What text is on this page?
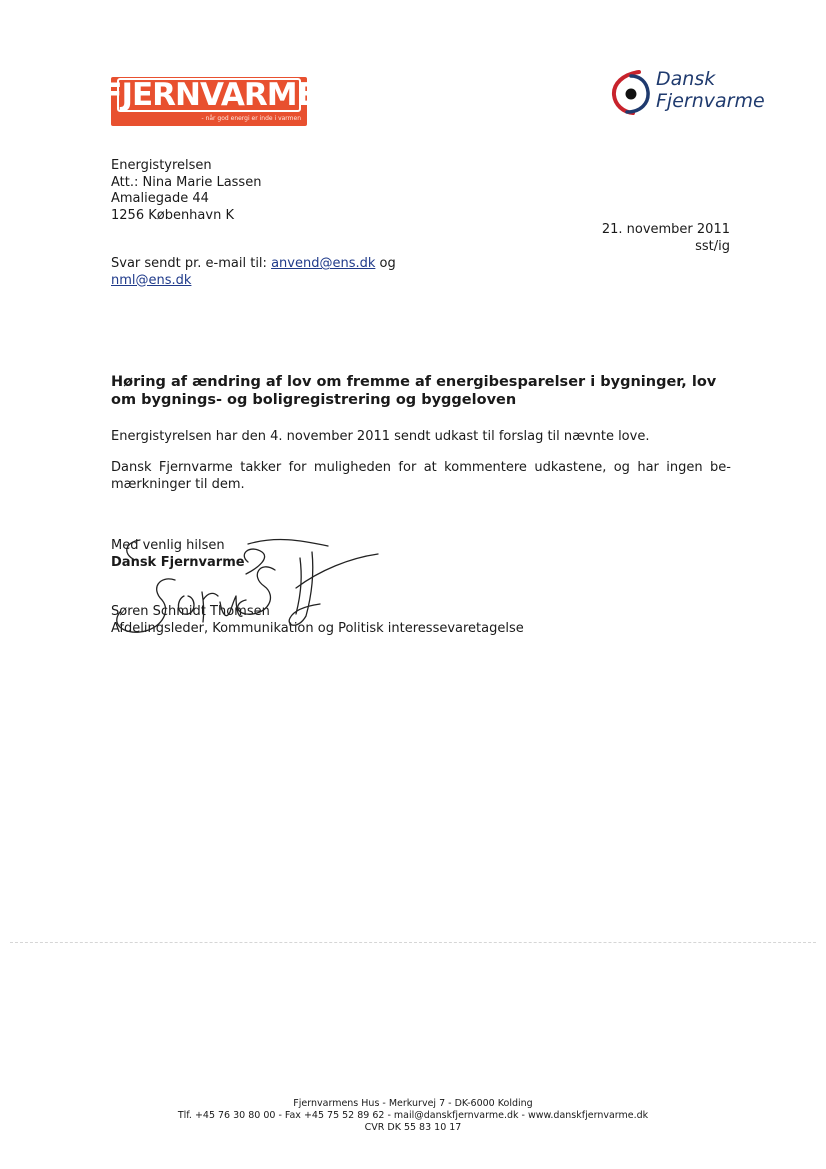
FJERNVARME
- når god energi er inde i varmen
Dansk
Fjernvarme
Energistyrelsen
Att.: Nina Marie Lassen
Amaliegade 44
1256 København K
21. november 2011
sst/ig
Svar sendt pr. e-mail til: anvend@ens.dk og
nml@ens.dk
Høring af ændring af lov om fremme af energibesparelser i bygninger, lov om bygnings- og boligregistrering og byggeloven
Energistyrelsen har den 4. november 2011 sendt udkast til forslag til nævnte love.
Dansk Fjernvarme takker for muligheden for at kommentere udkastene, og har ingen be-mærkninger til dem.
Med venlig hilsen
Dansk Fjernvarme
Søren Schmidt Thomsen
Afdelingsleder, Kommunikation og Politisk interessevaretagelse
Fjernvarmens Hus - Merkurvej 7 - DK-6000 Kolding
Tlf. +45 76 30 80 00 - Fax +45 75 52 89 62 - mail@danskfjernvarme.dk - www.danskfjernvarme.dk
CVR DK 55 83 10 17
